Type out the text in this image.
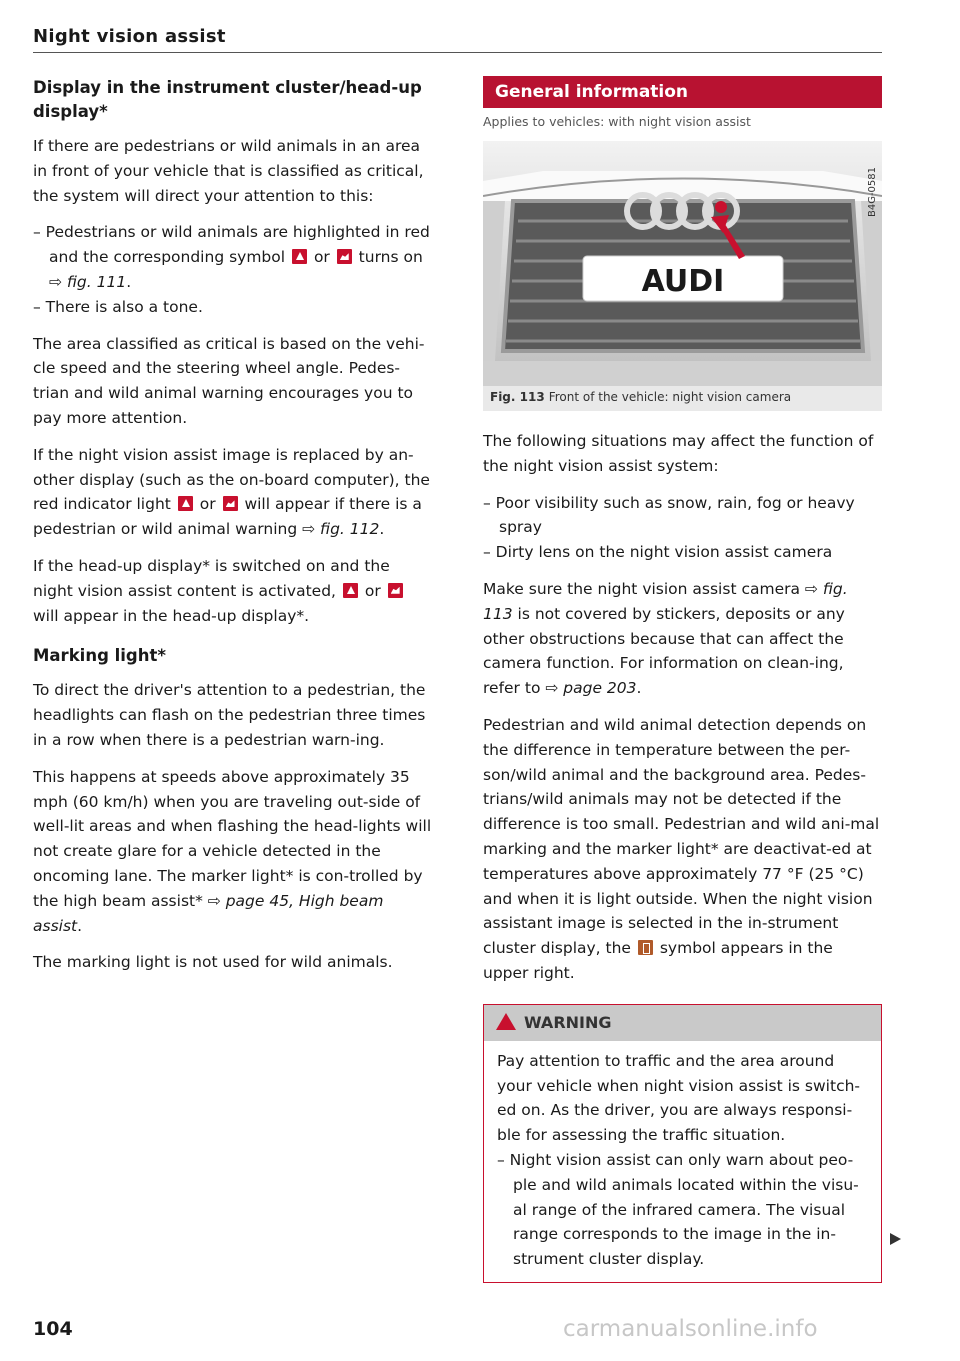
Night vision assist
Display in the instrument cluster/head-up display*

If there are pedestrians or wild animals in an area in front of your vehicle that is classified as critical, the system will direct your attention to this:

– Pedestrians or wild animals are highlighted in red and the corresponding symbol or turns on ⇨ fig. 111.

– There is also a tone.

The area classified as critical is based on the vehi-cle speed and the steering wheel angle. Pedes-trian and wild animal warning encourages you to pay more attention.

If the night vision assist image is replaced by an-other display (such as the on-board computer), the red indicator light or will appear if there is a pedestrian or wild animal warning ⇨ fig. 112.

If the head-up display* is switched on and the night vision assist content is activated, or  will appear in the head-up display*.

Marking light*

To direct the driver's attention to a pedestrian, the headlights can flash on the pedestrian three times in a row when there is a pedestrian warn-ing.

This happens at speeds above approximately 35 mph (60 km/h) when you are traveling out-side of well-lit areas and when flashing the head-lights will not create glare for a vehicle detected in the oncoming lane. The marker light* is con-trolled by the high beam assist* ⇨ page 45, High beam assist.

The marking light is not used for wild animals.

General information
Applies to vehicles: with night vision assist
AUDI
B4G-0581
Fig. 113 Front of the vehicle: night vision camera

The following situations may affect the function of the night vision assist system:

– Poor visibility such as snow, rain, fog or heavy spray

– Dirty lens on the night vision assist camera

Make sure the night vision assist camera ⇨ fig. 113 is not covered by stickers, deposits or any other obstructions because that can affect the camera function. For information on clean-ing, refer to ⇨ page 203.

Pedestrian and wild animal detection depends on the difference in temperature between the per-son/wild animal and the background area. Pedes-trians/wild animals may not be detected if the difference is too small. Pedestrian and wild ani-mal marking and the marker light* are deactivat-ed at temperatures above approximately 77 °F (25 °C) and when it is light outside. When the night vision assistant image is selected in the in-strument cluster display, the symbol appears in the upper right.

WARNING

Pay attention to traffic and the area around your vehicle when night vision assist is switch-ed on. As the driver, you are always responsi-ble for assessing the traffic situation.

– Night vision assist can only warn about peo-ple and wild animals located within the visu-al range of the infrared camera. The visual range corresponds to the image in the in-strument cluster display.

104	carmanualsonline.info
